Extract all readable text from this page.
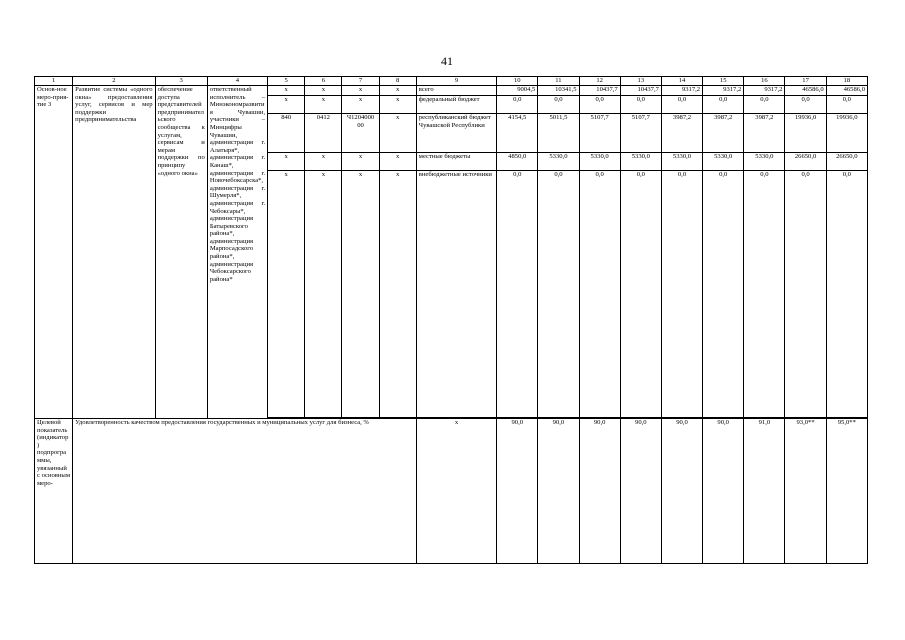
41
1	2	3	4	5	6	7	8	9	10	11	12	13	14	15	16	17	18
Основ-ное меро-прия-тие 3	Развитие системы «одного окна» предоставления услуг, сервисов и мер поддержки предпринимательства	обеспечение доступа представителей предпринимательского сообщества к услугам, сервисам и мерам поддержки по принципу «одного окна»	ответственный исполнитель – Минэкономразвития Чувашии, участники – Минцифры Чувашии, администрация г. Алатыря*, администрация г. Канаш*, администрация г. Новочебоксарска*, администрация г. Шумерля*, администрация г. Чебоксары*, администрация Батыревского района*, администрация Марпосадского района*, администрация Чебоксарского района*	x	x	x	x	всего	9004,5	10341,5	10437,7	10437,7	9317,2	9317,2	9317,2	46586,0	46586,0
				x	x	x	x	федеральный бюджет	0,0	0,0	0,0	0,0	0,0	0,0	0,0	0,0	0,0
				840	0412	Ч1204000 00	x	республиканский бюджет Чувашской Республики	4154,5	5011,5	5107,7	5107,7	3987,2	3987,2	3987,2	19936,0	19936,0
				x	x	x	x	местные бюджеты	4850,0	5330,0	5330,0	5330,0	5330,0	5330,0	5330,0	26650,0	26650,0
				x	x	x	x	внебюджетные источники	0,0	0,0	0,0	0,0	0,0	0,0	0,0	0,0	0,0

Целевой показатель (индикатор) подпрограммы, увязанный с основным меро-	Удовлетворенность качеством предоставления государственных и муниципальных услуг для бизнеса, %							x	90,0	90,0	90,0	90,0	90,0	90,0	91,0	93,0**	95,0**
